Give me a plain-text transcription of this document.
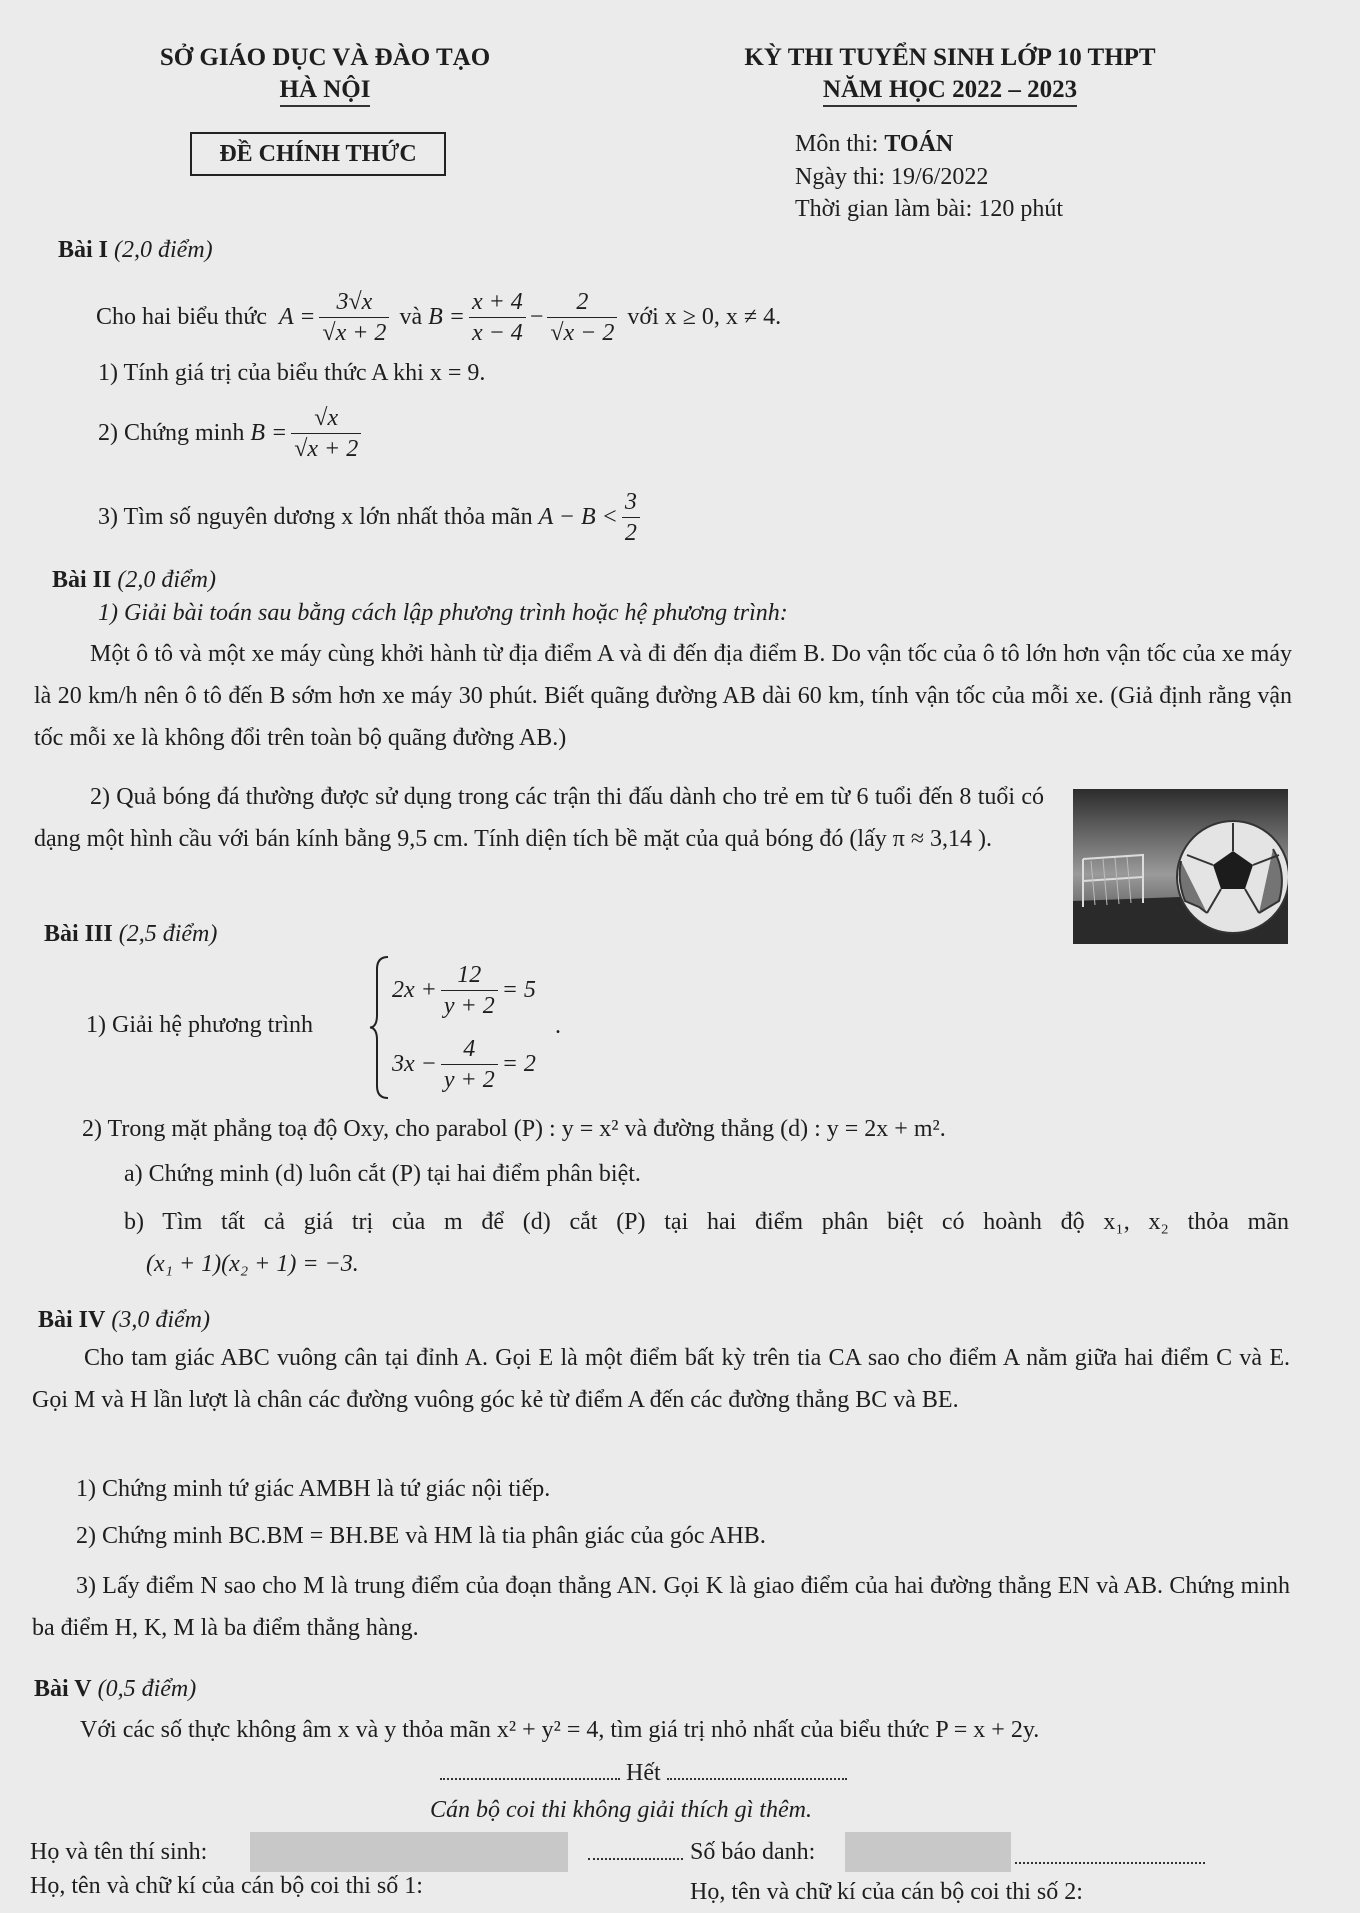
SỞ GIÁO DỤC VÀ ĐÀO TẠO
HÀ NỘI
KỲ THI TUYỂN SINH LỚP 10 THPT
NĂM HỌC 2022 – 2023
ĐỀ CHÍNH THỨC	Môn thi: TOÁN
Ngày thi: 19/6/2022
Thời gian làm bài: 120 phút
Bài I (2,0 điểm)
Cho hai biểu thức
$A = \frac{3√x}{√x + 2}$
và
$B = \frac{x + 4}{x - 4} - \frac{2}{√x - 2}$
với x ≥ 0, x ≠ 4.
1) Tính giá trị của biểu thức A khi x = 9.
2) Chứng minh
$B = \frac{√x}{√x + 2}$
3) Tìm số nguyên dương x lớn nhất thỏa mãn
$A - B < \frac{3}{2}$
Bài II (2,0 điểm)
1) Giải bài toán sau bằng cách lập phương trình hoặc hệ phương trình:
Một ô tô và một xe máy cùng khởi hành từ địa điểm A và đi đến địa điểm B. Do vận tốc của ô tô lớn hơn vận tốc của xe máy là 20 km/h nên ô tô đến B sớm hơn xe máy 30 phút. Biết quãng đường AB dài 60 km, tính vận tốc của mỗi xe. (Giả định rằng vận tốc mỗi xe là không đổi trên toàn bộ quãng đường AB.)
2) Quả bóng đá thường được sử dụng trong các trận thi đấu dành cho trẻ em từ 6 tuổi đến 8 tuổi có dạng một hình cầu với bán kính bằng 9,5 cm. Tính diện tích bề mặt của quả bóng đó (lấy π ≈ 3,14 ).
Bài III (2,5 điểm)
1) Giải hệ phương trình
$2x + \frac{12}{y + 2} = 5$
$3x - \frac{4}{y + 2} = 2$
.
2) Trong mặt phẳng toạ độ Oxy, cho parabol (P) : y = x² và đường thẳng (d) : y = 2x + m².
a) Chứng minh (d) luôn cắt (P) tại hai điểm phân biệt.
b) Tìm tất cả giá trị của m để (d) cắt (P) tại hai điểm phân biệt có hoành độ x₁, x₂ thỏa mãn
(x₁ + 1)(x₂ + 1) = −3.
Bài IV (3,0 điểm)
Cho tam giác ABC vuông cân tại đỉnh A. Gọi E là một điểm bất kỳ trên tia CA sao cho điểm A nằm giữa hai điểm C và E. Gọi M và H lần lượt là chân các đường vuông góc kẻ từ điểm A đến các đường thẳng BC và BE.
1) Chứng minh tứ giác AMBH là tứ giác nội tiếp.
2) Chứng minh BC.BM = BH.BE và HM là tia phân giác của góc AHB.
3) Lấy điểm N sao cho M là trung điểm của đoạn thẳng AN. Gọi K là giao điểm của hai đường thẳng EN và AB. Chứng minh ba điểm H, K, M là ba điểm thẳng hàng.
Bài V (0,5 điểm)
Với các số thực không âm x và y thỏa mãn x² + y² = 4, tìm giá trị nhỏ nhất của biểu thức P = x + 2y.
Hết
Cán bộ coi thi không giải thích gì thêm.
Họ và tên thí sinh:	Số báo danh:
Họ, tên và chữ kí của cán bộ coi thi số 1:	Họ, tên và chữ kí của cán bộ coi thi số 2:
